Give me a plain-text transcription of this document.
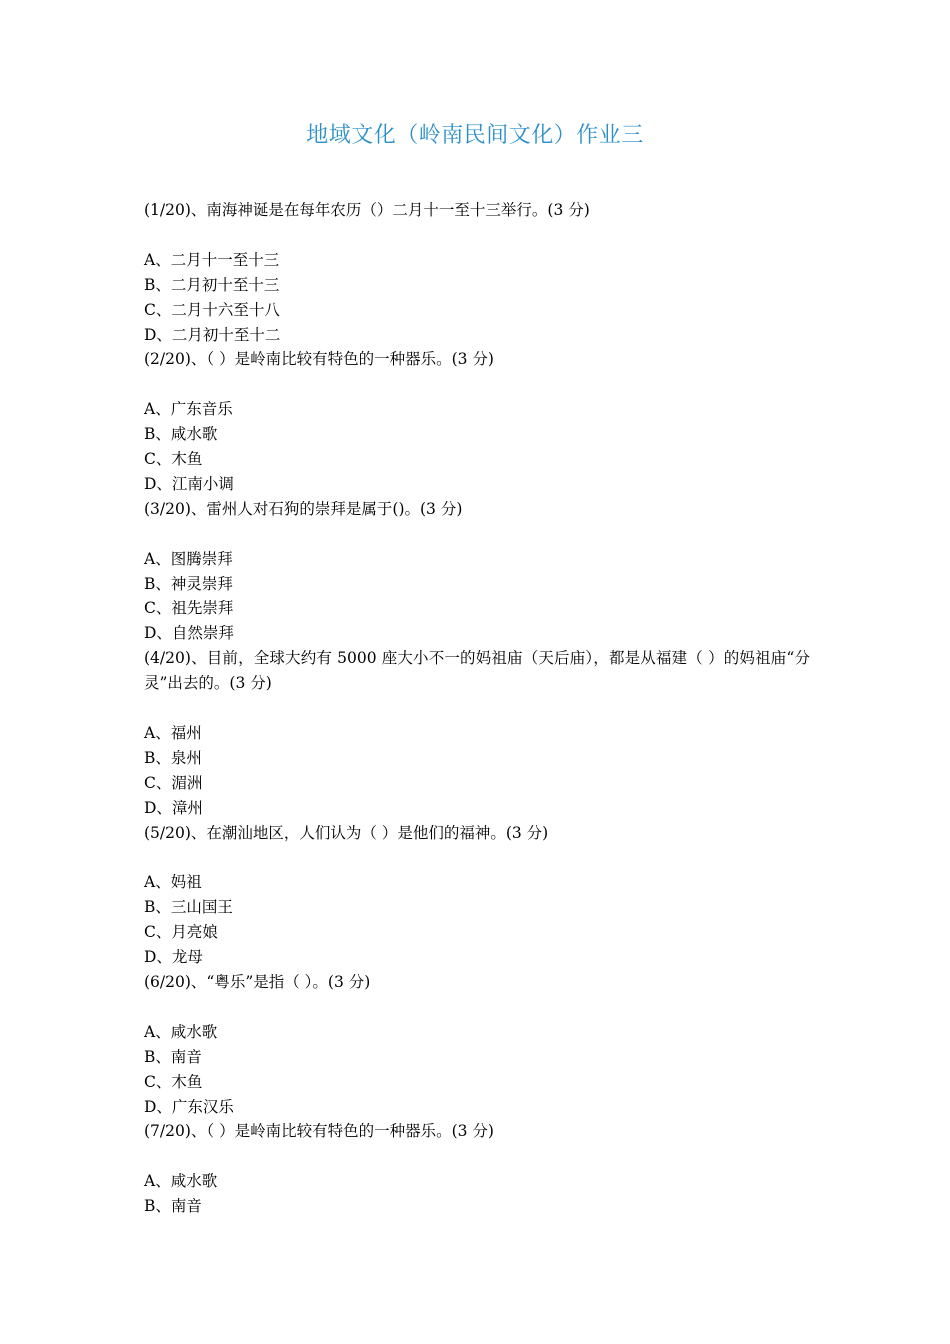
地域文化（岭南民间文化）作业三

(1/20)、南海神诞是在每年农历（）二月十一至十三举行。(3 分)

A、二月十一至十三

B、二月初十至十三

C、二月十六至十八

D、二月初十至十二

(2/20)、（ ）是岭南比较有特色的一种器乐。(3 分)

A、广东音乐

B、咸水歌

C、木鱼

D、江南小调

(3/20)、雷州人对石狗的崇拜是属于()。(3 分)

A、图腾崇拜

B、神灵崇拜

C、祖先崇拜

D、自然崇拜

(4/20)、目前，全球大约有 5000 座大小不一的妈祖庙（天后庙），都是从福建（ ）的妈祖庙“分灵”出去的。(3 分)

A、福州

B、泉州

C、湄洲

D、漳州

(5/20)、在潮汕地区，人们认为（ ）是他们的福神。(3 分)

A、妈祖

B、三山国王

C、月亮娘

D、龙母

(6/20)、“粤乐”是指（ ）。(3 分)

A、咸水歌

B、南音

C、木鱼

D、广东汉乐

(7/20)、（ ）是岭南比较有特色的一种器乐。(3 分)

A、咸水歌

B、南音
